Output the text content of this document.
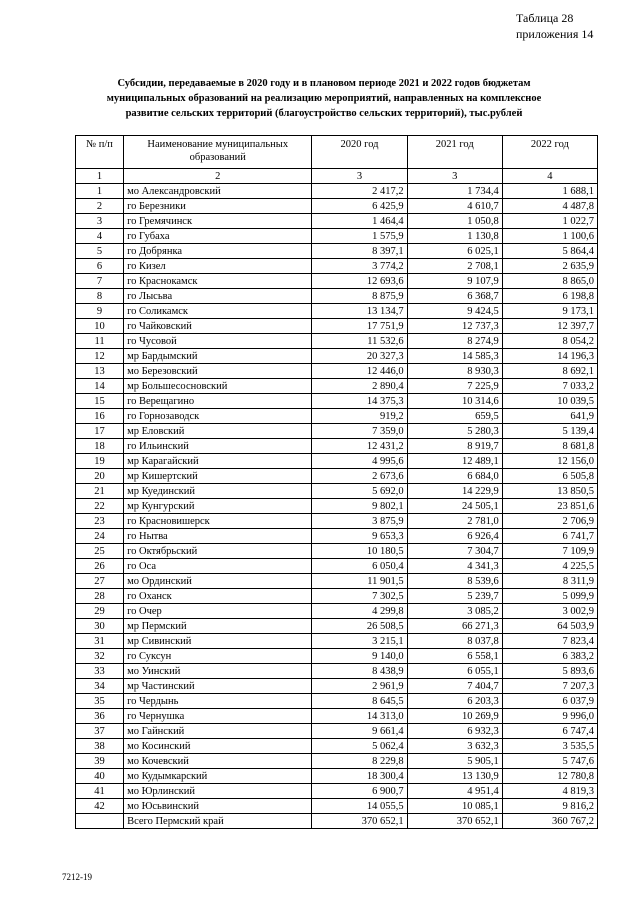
Таблица 28
приложения 14
Субсидии, передаваемые в 2020 году и в плановом периоде 2021 и 2022 годов бюджетам
муниципальных образований на реализацию мероприятий, направленных на комплексное
развитие сельских территорий (благоустройство сельских территорий), тыс.рублей
№ п/п	Наименование муниципальных образований	2020 год	2021 год	2022 год
1	2	3	3	4
1	мо Александровский	2 417,2	1 734,4	1 688,1
2	го Березники	6 425,9	4 610,7	4 487,8
3	го Гремячинск	1 464,4	1 050,8	1 022,7
4	го Губаха	1 575,9	1 130,8	1 100,6
5	го Добрянка	8 397,1	6 025,1	5 864,4
6	го Кизел	3 774,2	2 708,1	2 635,9
7	го Краснокамск	12 693,6	9 107,9	8 865,0
8	го Лысьва	8 875,9	6 368,7	6 198,8
9	го Соликамск	13 134,7	9 424,5	9 173,1
10	го Чайковский	17 751,9	12 737,3	12 397,7
11	го Чусовой	11 532,6	8 274,9	8 054,2
12	мр Бардымский	20 327,3	14 585,3	14 196,3
13	мо Березовский	12 446,0	8 930,3	8 692,1
14	мр Большесосновский	2 890,4	7 225,9	7 033,2
15	го Верещагино	14 375,3	10 314,6	10 039,5
16	го Горнозаводск	919,2	659,5	641,9
17	мр Еловский	7 359,0	5 280,3	5 139,4
18	го Ильинский	12 431,2	8 919,7	8 681,8
19	мр Карагайский	4 995,6	12 489,1	12 156,0
20	мр Кишертский	2 673,6	6 684,0	6 505,8
21	мр Куединский	5 692,0	14 229,9	13 850,5
22	мр Кунгурский	9 802,1	24 505,1	23 851,6
23	го Красновишерск	3 875,9	2 781,0	2 706,9
24	го Нытва	9 653,3	6 926,4	6 741,7
25	го Октябрьский	10 180,5	7 304,7	7 109,9
26	го Оса	6 050,4	4 341,3	4 225,5
27	мо Ординский	11 901,5	8 539,6	8 311,9
28	го Оханск	7 302,5	5 239,7	5 099,9
29	го Очер	4 299,8	3 085,2	3 002,9
30	мр Пермский	26 508,5	66 271,3	64 503,9
31	мр Сивинский	3 215,1	8 037,8	7 823,4
32	го Суксун	9 140,0	6 558,1	6 383,2
33	мо Уинский	8 438,9	6 055,1	5 893,6
34	мр Частинский	2 961,9	7 404,7	7 207,3
35	го Чердынь	8 645,5	6 203,3	6 037,9
36	го Чернушка	14 313,0	10 269,9	9 996,0
37	мо Гайнский	9 661,4	6 932,3	6 747,4
38	мо Косинский	5 062,4	3 632,3	3 535,5
39	мо Кочевский	8 229,8	5 905,1	5 747,6
40	мо Кудымкарский	18 300,4	13 130,9	12 780,8
41	мо Юрлинский	6 900,7	4 951,4	4 819,3
42	мо Юсьвинский	14 055,5	10 085,1	9 816,2
	Всего Пермский край	370 652,1	370 652,1	360 767,2
7212-19
